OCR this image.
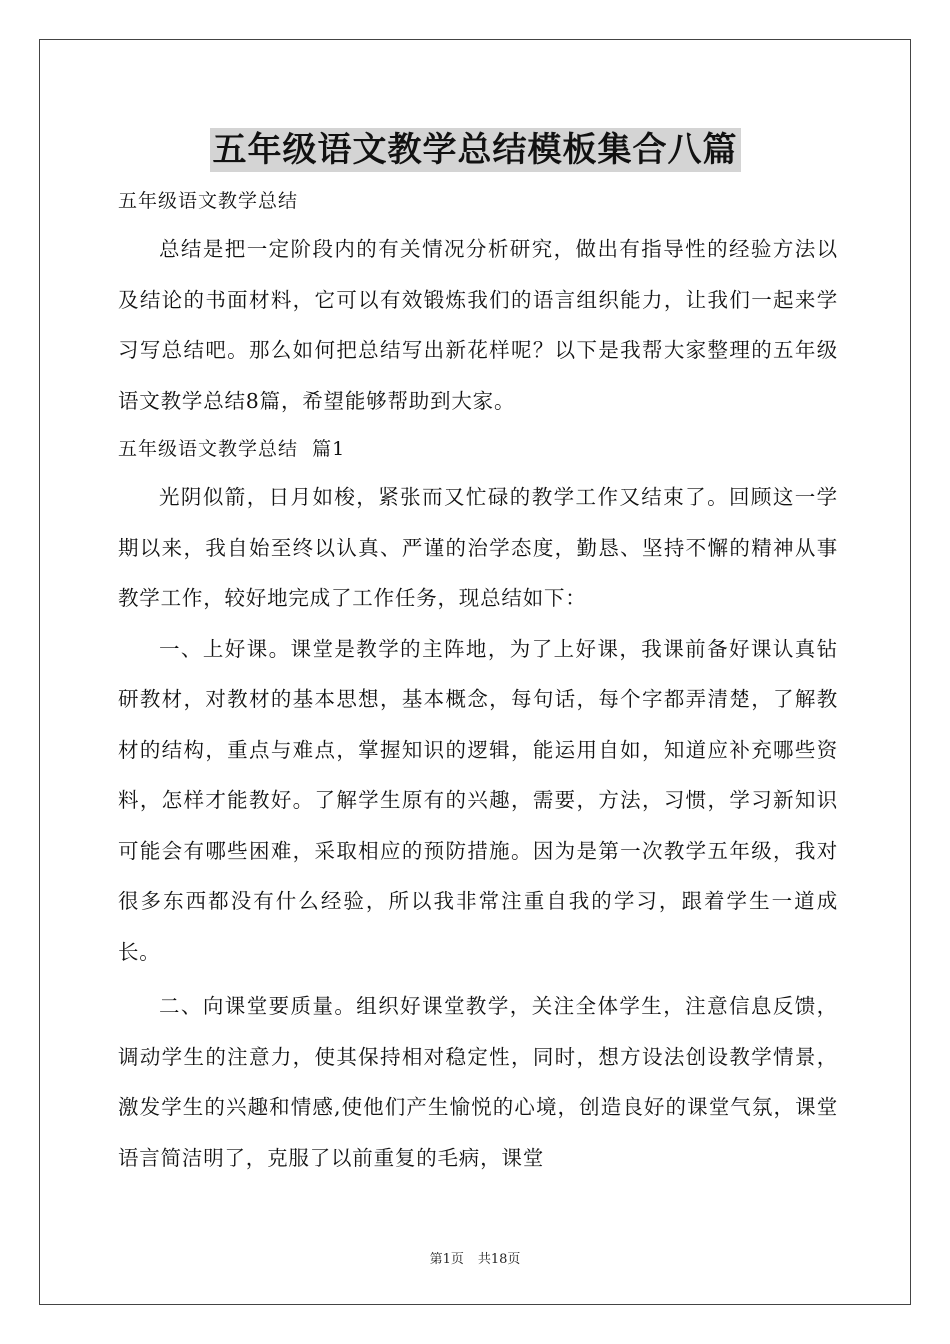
五年级语文教学总结模板集合八篇

五年级语文教学总结

总结是把一定阶段内的有关情况分析研究，做出有指导性的经验方法以及结论的书面材料，它可以有效锻炼我们的语言组织能力，让我们一起来学习写总结吧。那么如何把总结写出新花样呢？以下是我帮大家整理的五年级语文教学总结8篇，希望能够帮助到大家。

五年级语文教学总结  篇1

光阴似箭，日月如梭，紧张而又忙碌的教学工作又结束了。回顾这一学期以来，我自始至终以认真、严谨的治学态度，勤恳、坚持不懈的精神从事教学工作，较好地完成了工作任务，现总结如下：

一、上好课。课堂是教学的主阵地，为了上好课，我课前备好课认真钻研教材，对教材的基本思想，基本概念，每句话，每个字都弄清楚，了解教材的结构，重点与难点，掌握知识的逻辑，能运用自如，知道应补充哪些资料，怎样才能教好。了解学生原有的兴趣，需要，方法，习惯，学习新知识可能会有哪些困难，采取相应的预防措施。因为是第一次教学五年级，我对很多东西都没有什么经验，所以我非常注重自我的学习，跟着学生一道成长。

二、向课堂要质量。组织好课堂教学，关注全体学生，注意信息反馈，调动学生的注意力，使其保持相对稳定性，同时，想方设法创设教学情景，激发学生的兴趣和情感,使他们产生愉悦的心境，创造良好的课堂气氛，课堂语言简洁明了，克服了以前重复的毛病，课堂

第1页 共18页
